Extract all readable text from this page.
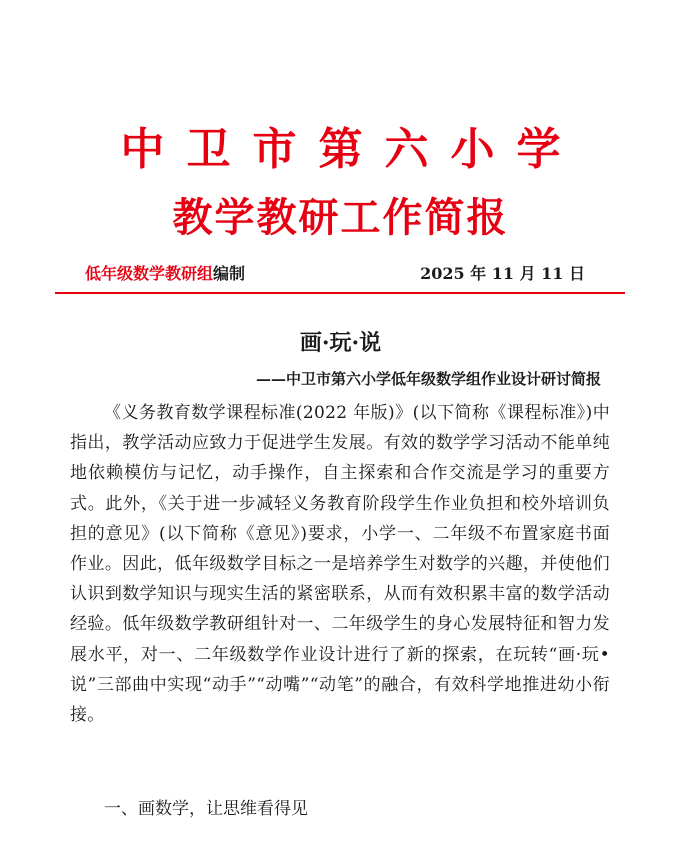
中卫市第六小学
教学教研工作简报
低年级数学教研组编制	2025 年 11 月 11 日
画·玩·说
——中卫市第六小学低年级数学组作业设计研讨简报

《义务教育数学课程标准(2022 年版)》(以下简称《课程标准》)中指出，教学活动应致力于促进学生发展。有效的数学学习活动不能单纯地依赖模仿与记忆，动手操作，自主探索和合作交流是学习的重要方式。此外，《关于进一步减轻义务教育阶段学生作业负担和校外培训负担的意见》(以下简称《意见》)要求，小学一、二年级不布置家庭书面作业。因此，低年级数学目标之一是培养学生对数学的兴趣，并使他们认识到数学知识与现实生活的紧密联系，从而有效积累丰富的数学活动经验。低年级数学教研组针对一、二年级学生的身心发展特征和智力发展水平，对一、二年级数学作业设计进行了新的探索，在玩转“画·玩•说”三部曲中实现“动手”“动嘴”“动笔”的融合，有效科学地推进幼小衔接。

一、画数学，让思维看得见
